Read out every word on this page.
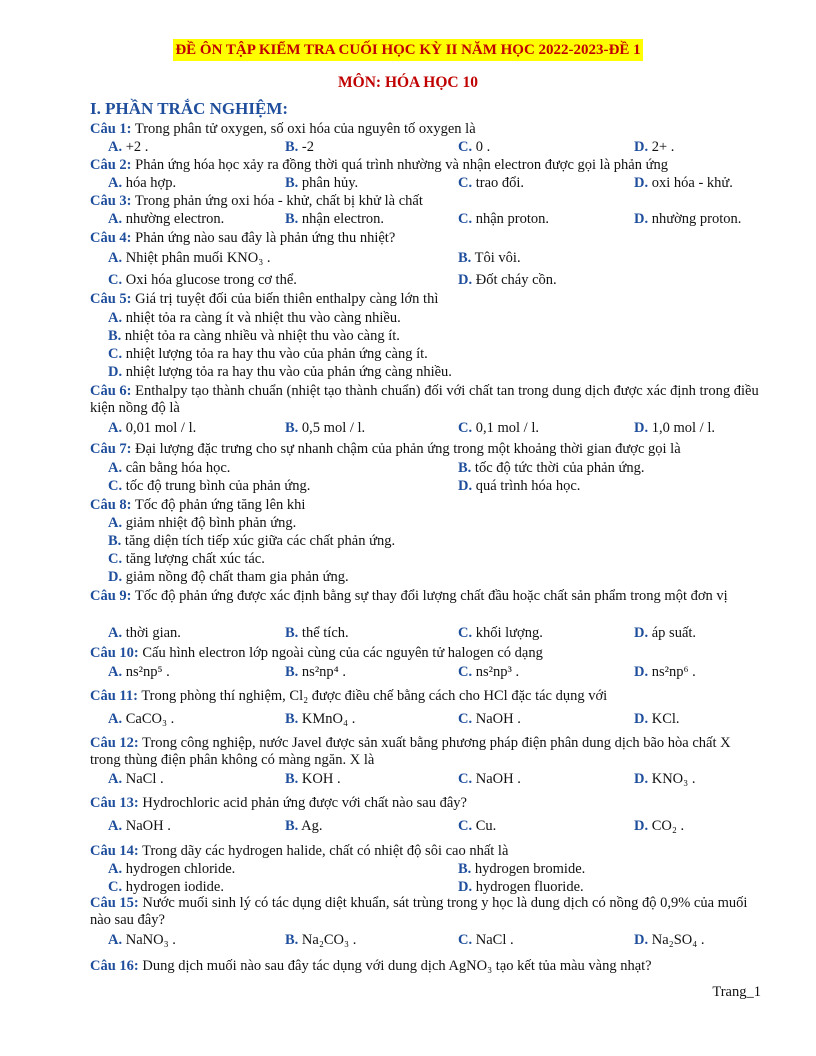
ĐỀ ÔN TẬP KIỂM TRA CUỐI HỌC KỲ II NĂM HỌC 2022-2023-ĐỀ 1
MÔN: HÓA HỌC 10
I. PHẦN TRẮC NGHIỆM:
Câu 1: Trong phân tử oxygen, số oxi hóa của nguyên tố oxygen là
A. +2 .	B. -2	C. 0 .	D. 2+ .
Câu 2: Phản ứng hóa học xảy ra đồng thời quá trình nhường và nhận electron được gọi là phản ứng
A. hóa hợp.	B. phân hủy.	C. trao đổi.	D. oxi hóa - khử.
Câu 3: Trong phản ứng oxi hóa - khử, chất bị khử là chất
A. nhường electron.	B. nhận electron.	C. nhận proton.	D. nhường proton.
Câu 4: Phản ứng nào sau đây là phản ứng thu nhiệt?
A. Nhiệt phân muối KNO₃ .	B. Tôi vôi.
C. Oxi hóa glucose trong cơ thể.	D. Đốt cháy cồn.
Câu 5: Giá trị tuyệt đối của biến thiên enthalpy càng lớn thì
A. nhiệt tỏa ra càng ít và nhiệt thu vào càng nhiều.
B. nhiệt tỏa ra càng nhiều và nhiệt thu vào càng ít.
C. nhiệt lượng tỏa ra hay thu vào của phản ứng càng ít.
D. nhiệt lượng tỏa ra hay thu vào của phản ứng càng nhiều.
Câu 6: Enthalpy tạo thành chuẩn (nhiệt tạo thành chuẩn) đối với chất tan trong dung dịch được xác định trong điều kiện nồng độ là
A. 0,01 mol / l.	B. 0,5 mol / l.	C. 0,1 mol / l.	D. 1,0 mol / l.
Câu 7: Đại lượng đặc trưng cho sự nhanh chậm của phản ứng trong một khoảng thời gian được gọi là
A. cân bằng hóa học.	B. tốc độ tức thời của phản ứng.
C. tốc độ trung bình của phản ứng.	D. quá trình hóa học.
Câu 8: Tốc độ phản ứng tăng lên khi
A. giảm nhiệt độ bình phản ứng.
B. tăng diện tích tiếp xúc giữa các chất phản ứng.
C. tăng lượng chất xúc tác.
D. giảm nồng độ chất tham gia phản ứng.
Câu 9: Tốc độ phản ứng được xác định bằng sự thay đổi lượng chất đầu hoặc chất sản phẩm trong một đơn vị
A. thời gian.	B. thể tích.	C. khối lượng.	D. áp suất.
Câu 10: Cấu hình electron lớp ngoài cùng của các nguyên tử halogen có dạng
A. ns²np⁵ .	B. ns²np⁴ .	C. ns²np³ .	D. ns²np⁶ .
Câu 11: Trong phòng thí nghiệm, Cl₂ được điều chế bằng cách cho HCl đặc tác dụng với
A. CaCO₃ .	B. KMnO₄ .	C. NaOH .	D. KCl.
Câu 12: Trong công nghiệp, nước Javel được sản xuất bằng phương pháp điện phân dung dịch bão hòa chất X trong thùng điện phân không có màng ngăn. X là
A. NaCl .	B. KOH .	C. NaOH .	D. KNO₃ .
Câu 13: Hydrochloric acid phản ứng được với chất nào sau đây?
A. NaOH .	B. Ag.	C. Cu.	D. CO₂ .
Câu 14: Trong dãy các hydrogen halide, chất có nhiệt độ sôi cao nhất là
A. hydrogen chloride.	B. hydrogen bromide.
C. hydrogen iodide.	D. hydrogen fluoride.
Câu 15: Nước muối sinh lý có tác dụng diệt khuẩn, sát trùng trong y học là dung dịch có nồng độ 0,9% của muối nào sau đây?
A. NaNO₃ .	B. Na₂CO₃ .	C. NaCl .	D. Na₂SO₄ .
Câu 16: Dung dịch muối nào sau đây tác dụng với dung dịch AgNO₃ tạo kết tủa màu vàng nhạt?
Trang_1
